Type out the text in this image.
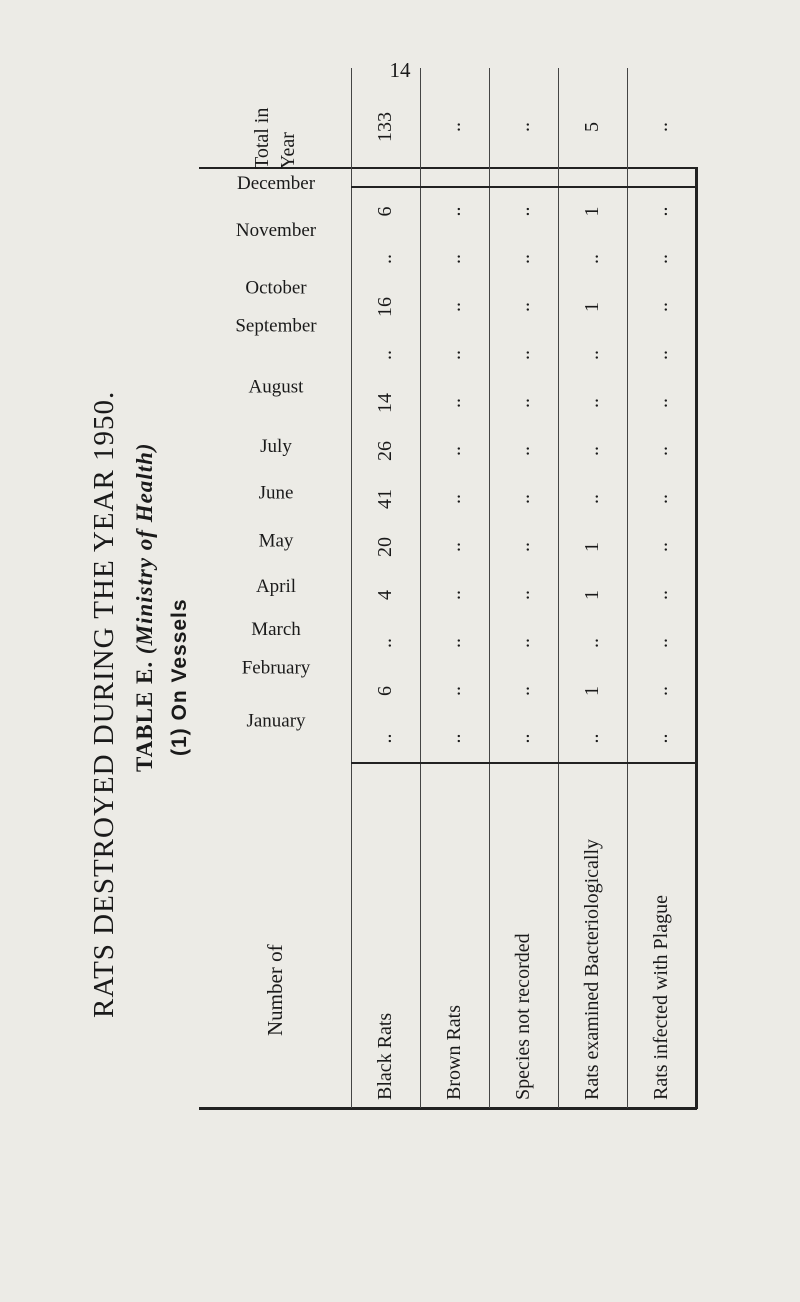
14
RATS DESTROYED DURING THE YEAR 1950. TABLE E. (Ministry of Health)
(1) On Vessels
Number of	January	February	March	April	May	June	July	August	September	October	November	December	Total in Year

Black Rats	..	6	..	4	20	41	26	14	..	16	..	6	133
Brown Rats	..	..	..	..	..	..	..	..	..	..	..	..	..
Species not recorded	..	..	..	..	..	..	..	..	..	..	..	..	..
Rats examined Bacteriologically	..	1	..	1	1	..	..	..	..	1	..	1	5
Rats infected with Plague	..	..	..	..	..	..	..	..	..	..	..	..	..
